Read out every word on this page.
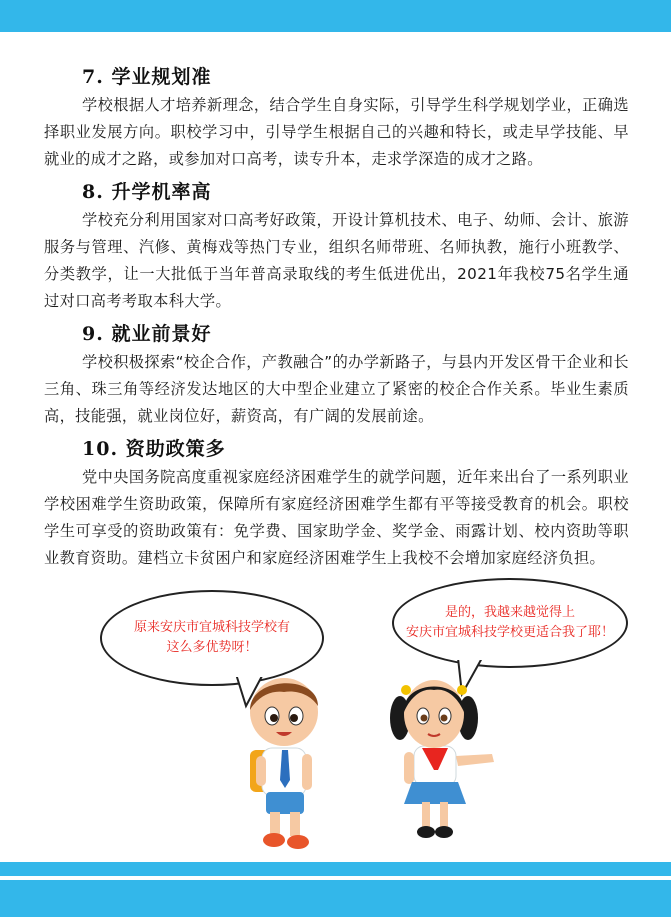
7. 学业规划准

学校根据人才培养新理念，结合学生自身实际，引导学生科学规划学业，正确选择职业发展方向。职校学习中，引导学生根据自己的兴趣和特长，或走早学技能、早就业的成才之路，或参加对口高考，读专升本，走求学深造的成才之路。

8. 升学机率高

学校充分利用国家对口高考好政策，开设计算机技术、电子、幼师、会计、旅游服务与管理、汽修、黄梅戏等热门专业，组织名师带班、名师执教，施行小班教学、分类教学，让一大批低于当年普高录取线的考生低进优出，2021年我校75名学生通过对口高考考取本科大学。

9. 就业前景好

学校积极探索“校企合作，产教融合”的办学新路子，与县内开发区骨干企业和长三角、珠三角等经济发达地区的大中型企业建立了紧密的校企合作关系。毕业生素质高，技能强，就业岗位好，薪资高，有广阔的发展前途。

10. 资助政策多

党中央国务院高度重视家庭经济困难学生的就学问题，近年来出台了一系列职业学校困难学生资助政策，保障所有家庭经济困难学生都有平等接受教育的机会。职校学生可享受的资助政策有：免学费、国家助学金、奖学金、雨露计划、校内资助等职业教育资助。建档立卡贫困户和家庭经济困难学生上我校不会增加家庭经济负担。

原来安庆市宜城科技学校有
这么多优势呀！
是的，我越来越觉得上
安庆市宜城科技学校更适合我了耶！
